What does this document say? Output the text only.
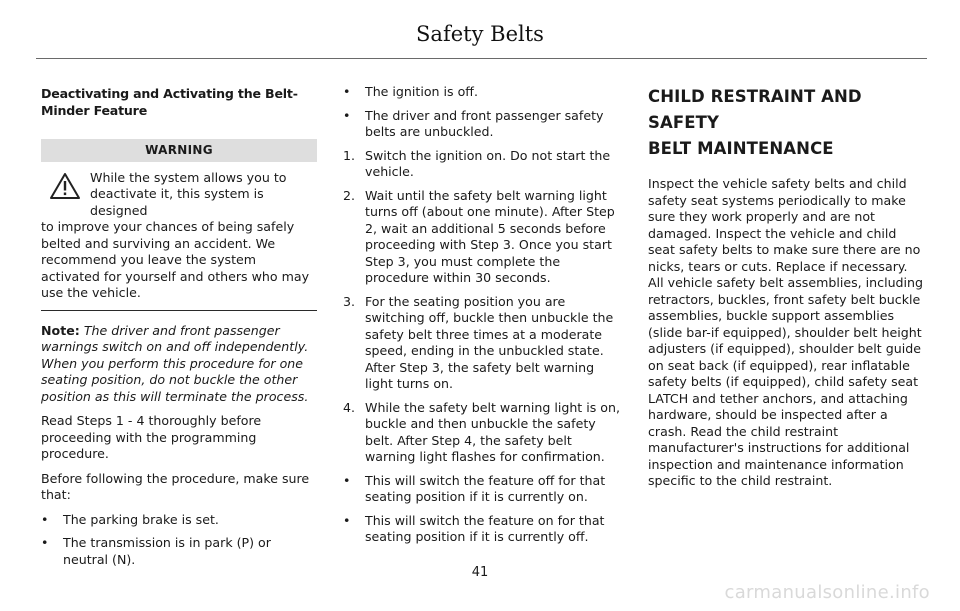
Safety Belts
Deactivating and Activating the Belt-Minder Feature
WARNING

While the system allows you to
deactivate it, this system is designed
to improve your chances of being safely belted and surviving an accident. We recommend you leave the system activated for yourself and others who may use the vehicle.

Note: The driver and front passenger warnings switch on and off independently. When you perform this procedure for one seating position, do not buckle the other position as this will terminate the process.

Read Steps 1 - 4 thoroughly before proceeding with the programming procedure.

Before following the procedure, make sure that:

• The parking brake is set.
• The transmission is in park (P) or neutral (N).
• The ignition is off.
• The driver and front passenger safety belts are unbuckled.
1. Switch the ignition on. Do not start the vehicle.
2. Wait until the safety belt warning light turns off (about one minute). After Step 2, wait an additional 5 seconds before proceeding with Step 3. Once you start Step 3, you must complete the procedure within 30 seconds.
3. For the seating position you are switching off, buckle then unbuckle the safety belt three times at a moderate speed, ending in the unbuckled state. After Step 3, the safety belt warning light turns on.
4. While the safety belt warning light is on, buckle and then unbuckle the safety belt. After Step 4, the safety belt warning light flashes for confirmation.
• This will switch the feature off for that seating position if it is currently on.
• This will switch the feature on for that seating position if it is currently off.
CHILD RESTRAINT AND SAFETY
BELT MAINTENANCE

Inspect the vehicle safety belts and child safety seat systems periodically to make sure they work properly and are not damaged. Inspect the vehicle and child seat safety belts to make sure there are no nicks, tears or cuts. Replace if necessary. All vehicle safety belt assemblies, including retractors, buckles, front safety belt buckle assemblies, buckle support assemblies (slide bar-if equipped), shoulder belt height adjusters (if equipped), shoulder belt guide on seat back (if equipped), rear inflatable safety belts (if equipped), child safety seat LATCH and tether anchors, and attaching hardware, should be inspected after a crash. Read the child restraint manufacturer's instructions for additional inspection and maintenance information specific to the child restraint.

41
carmanualsonline.info
